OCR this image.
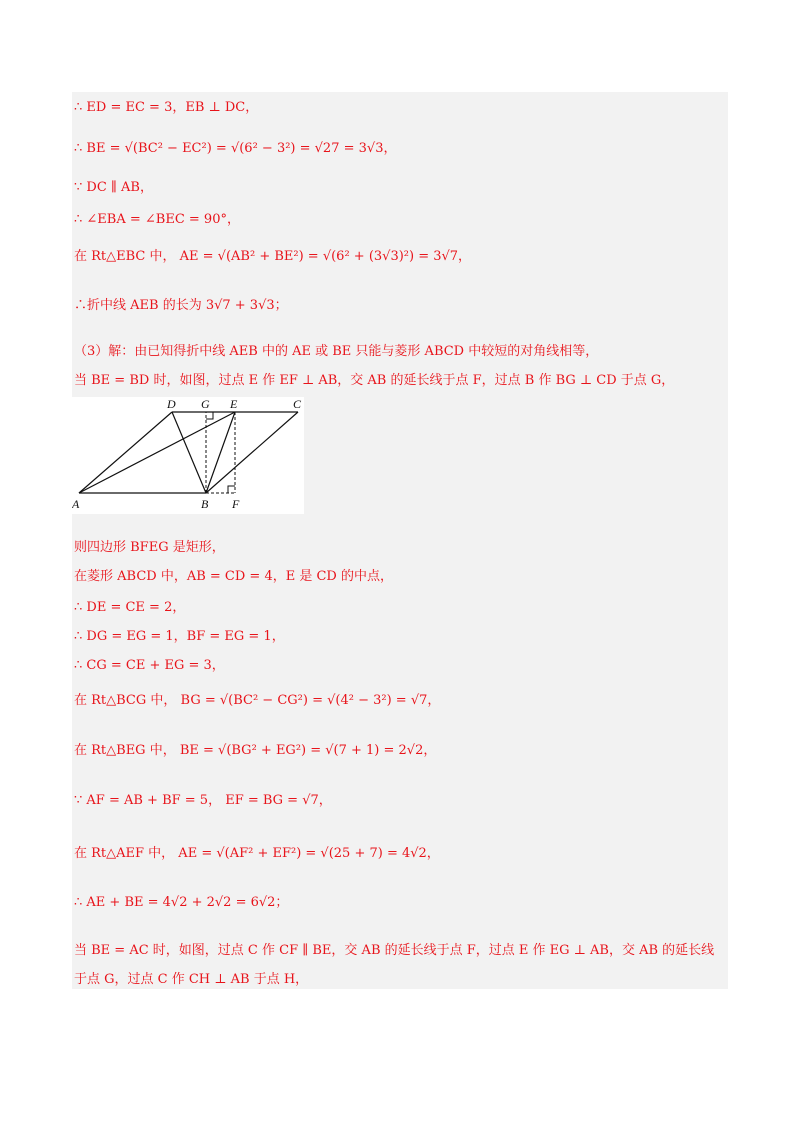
∴ ED = EC = 3，EB ⊥ DC，
∴ BE = √(BC² − EC²) = √(6² − 3²) = √27 = 3√3，
∵ DC ∥ AB，
∴ ∠EBA = ∠BEC = 90°，
在 Rt△EBC 中， AE = √(AB² + BE²) = √(6² + (3√3)²) = 3√7，
∴折中线 AEB 的长为 3√7 + 3√3；
（3）解：由已知得折中线 AEB 中的 AE 或 BE 只能与菱形 ABCD 中较短的对角线相等，
当 BE = BD 时，如图，过点 E 作 EF ⊥ AB，交 AB 的延长线于点 F，过点 B 作 BG ⊥ CD 于点 G，
A	B
C
D	E
F
G
则四边形 BFEG 是矩形，
在菱形 ABCD 中，AB = CD = 4，E 是 CD 的中点，
∴ DE = CE = 2，
∴ DG = EG = 1，BF = EG = 1，
∴ CG = CE + EG = 3，
在 Rt△BCG 中， BG = √(BC² − CG²) = √(4² − 3²) = √7，
在 Rt△BEG 中， BE = √(BG² + EG²) = √(7 + 1) = 2√2，
∵ AF = AB + BF = 5， EF = BG = √7，
在 Rt△AEF 中， AE = √(AF² + EF²) = √(25 + 7) = 4√2，
∴ AE + BE = 4√2 + 2√2 = 6√2；
当 BE = AC 时，如图，过点 C 作 CF ∥ BE，交 AB 的延长线于点 F，过点 E 作 EG ⊥ AB，交 AB 的延长线
于点 G，过点 C 作 CH ⊥ AB 于点 H，
